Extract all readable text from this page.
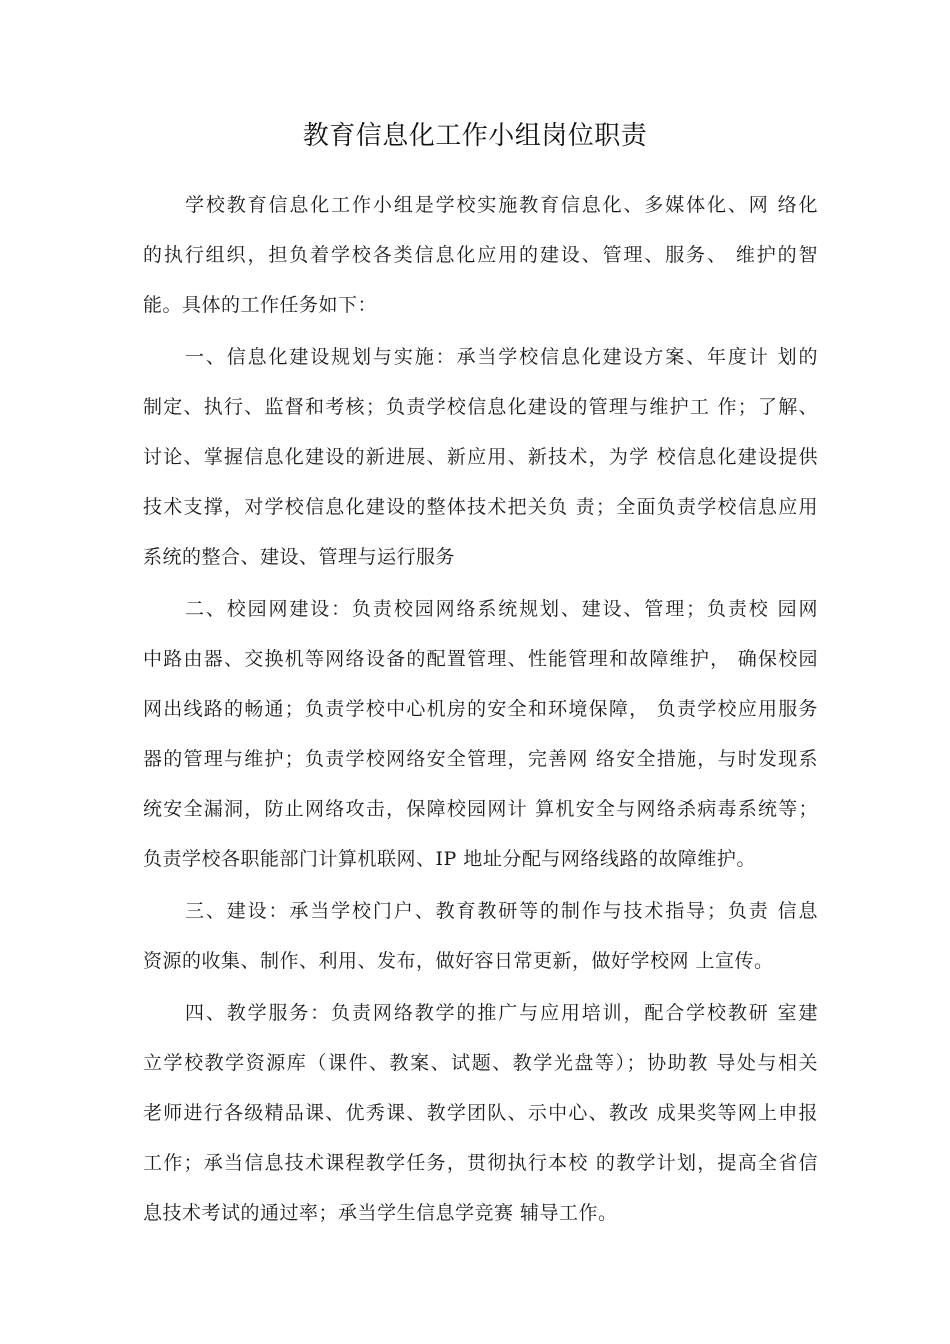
教育信息化工作小组岗位职责
学校教育信息化工作小组是学校实施教育信息化、多媒体化、网 络化
的执行组织，担负着学校各类信息化应用的建设、管理、服务、 维护的智
能。具体的工作任务如下：
一、信息化建设规划与实施：承当学校信息化建设方案、年度计 划的
制定、执行、监督和考核；负责学校信息化建设的管理与维护工 作；了解、
讨论、掌握信息化建设的新进展、新应用、新技术，为学 校信息化建设提供
技术支撑，对学校信息化建设的整体技术把关负 责；全面负责学校信息应用
系统的整合、建设、管理与运行服务
二、校园网建设：负责校园网络系统规划、建设、管理；负责校 园网
中路由器、交换机等网络设备的配置管理、性能管理和故障维护， 确保校园
网出线路的畅通；负责学校中心机房的安全和环境保障， 负责学校应用服务
器的管理与维护；负责学校网络安全管理，完善网 络安全措施，与时发现系
统安全漏洞，防止网络攻击，保障校园网计 算机安全与网络杀病毒系统等；
负责学校各职能部门计算机联网、IP 地址分配与网络线路的故障维护。
三、建设：承当学校门户、教育教研等的制作与技术指导；负责 信息
资源的收集、制作、利用、发布，做好容日常更新，做好学校网 上宣传。
四、教学服务：负责网络教学的推广与应用培训，配合学校教研 室建
立学校教学资源库（课件、教案、试题、教学光盘等）；协助教 导处与相关
老师进行各级精品课、优秀课、教学团队、示中心、教改 成果奖等网上申报
工作；承当信息技术课程教学任务，贯彻执行本校 的教学计划，提高全省信
息技术考试的通过率；承当学生信息学竞赛 辅导工作。
